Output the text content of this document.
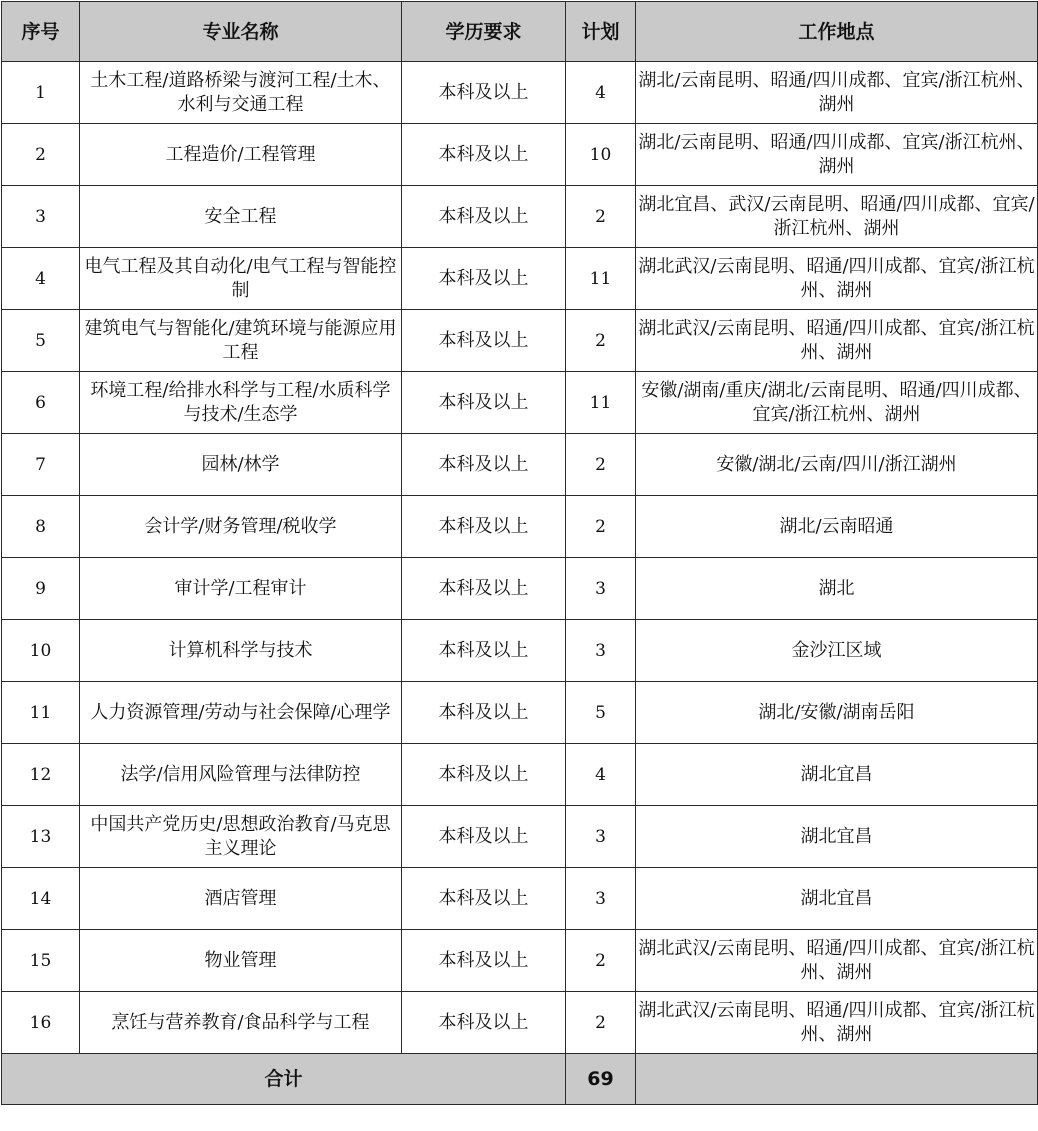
序号	专业名称	学历要求	计划	工作地点
1	土木工程/道路桥梁与渡河工程/土木、水利与交通工程	本科及以上	4	湖北/云南昆明、昭通/四川成都、宜宾/浙江杭州、湖州
2	工程造价/工程管理	本科及以上	10	湖北/云南昆明、昭通/四川成都、宜宾/浙江杭州、湖州
3	安全工程	本科及以上	2	湖北宜昌、武汉/云南昆明、昭通/四川成都、宜宾/浙江杭州、湖州
4	电气工程及其自动化/电气工程与智能控制	本科及以上	11	湖北武汉/云南昆明、昭通/四川成都、宜宾/浙江杭州、湖州
5	建筑电气与智能化/建筑环境与能源应用工程	本科及以上	2	湖北武汉/云南昆明、昭通/四川成都、宜宾/浙江杭州、湖州
6	环境工程/给排水科学与工程/水质科学与技术/生态学	本科及以上	11	安徽/湖南/重庆/湖北/云南昆明、昭通/四川成都、宜宾/浙江杭州、湖州
7	园林/林学	本科及以上	2	安徽/湖北/云南/四川/浙江湖州
8	会计学/财务管理/税收学	本科及以上	2	湖北/云南昭通
9	审计学/工程审计	本科及以上	3	湖北
10	计算机科学与技术	本科及以上	3	金沙江区域
11	人力资源管理/劳动与社会保障/心理学	本科及以上	5	湖北/安徽/湖南岳阳
12	法学/信用风险管理与法律防控	本科及以上	4	湖北宜昌
13	中国共产党历史/思想政治教育/马克思主义理论	本科及以上	3	湖北宜昌
14	酒店管理	本科及以上	3	湖北宜昌
15	物业管理	本科及以上	2	湖北武汉/云南昆明、昭通/四川成都、宜宾/浙江杭州、湖州
16	烹饪与营养教育/食品科学与工程	本科及以上	2	湖北武汉/云南昆明、昭通/四川成都、宜宾/浙江杭州、湖州
合计			69	
